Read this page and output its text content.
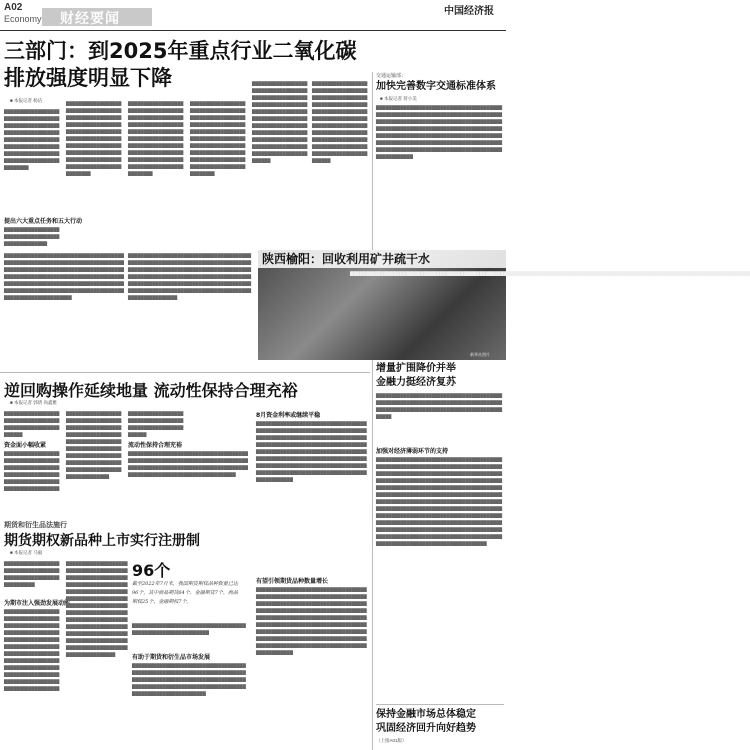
A02
Economy 财经要闻	中国经济报
三部门：到2025年重点行业二氧化碳
排放强度明显下降
■ 本报记者 杨洁
████████████████████████████████████████████████████████████████████████████████████████████████████████████████████████████████████████████████████████
提出六大重点任务和五大行动
██████████████████████████████████████████████████
████████████████████████████████████████████████████████████████████████████████████████████████████████████████████████████████████████████████████████████████████████████████████████████
████████████████████████████████████████████████████████████████████████████████████████████████████████████████████████████████████████████████████████████████████████████████████████████
████████████████████████████████████████████████████████████████████████████████████████████████████████████████████████████████████████████████████████████████████████████████████████████
████████████████████████████████████████████████████████████████████████████████████████████████████████████████████████████████████████████████████████████████████████████████████████████████████████████
████████████████████████████████████████████████████████████████████████████████████████████████████████████████████████████████████████████████████████████████████████████████████████████████████████████
交通运输部：
加快完善数字交通标准体系
■ 本报记者 蒋小美
███████████████████████████████████████████████████████████████████████████████████████████████████████████████████████████████████████████████████████████████████████████████████████████████████████████████████████████████████████████████████████████████████████████████████████████████████████████
陕西榆阳：回收利用矿井疏干水
██████████████████████████████████████████████████████████████████████████████████████████████████████████████████████████████████
新华社图片
████████████████████████████████████████████████████████████████████████████████████████████████████████████████████████████████████████████████████████████████████████████████████████████████████████████████████████████████████████████████████████████████
████████████████████████████████████████████████████████████████████████████████████████████████████████████████████████████████████████████████████████████████████████████████████████████████████████████████████████████████████████████████████████████████
增量扩围降价并举
金融力挺经济复苏
████████████████████████████████████████████████████████████████████████████████████████████████████████████████████████████████
加强对经济薄弱环节的支持
████████████████████████████████████████████████████████████████████████████████████████████████████████████████████████████████████████████████████████████████████████████████████████████████████████████████████████████████████████████████████████████████████████████████████████████████████████████████████████████████████████████████████████████████████████████████████████████████████████████████████████████████████████████████████████████████████████████████████████████████████████████████████████████████████████████████
逆回购操作延续地量 流动性保持合理充裕
■ 本报记者 郭倩 尚鑫雅
████████████████████████████████████████████████████████████
资金面小幅收紧
████████████████████████████████████████████████████████████████████████████████████████████████████████████
████████████████████████████████████████████████████████████████████████████████████████████████████████████████████████████████████████████████████████████████████████████████
████████████████████████████████████████████████████████████
流动性保持合理充裕
████████████████████████████████████████████████████████████████████████████████████████████████████████████████████████████████████████████████████████
8月资金利率或继续平稳
████████████████████████████████████████████████████████████████████████████████████████████████████████████████████████████████████████████████████████████████████████████████████████████████████████████████████████████████████████████████████████████████████████████████████████████████████████████
期货和衍生品法施行
期货期权新品种上市实行注册制
■ 本报记者 马毅
████████████████████████████████████████████████████████████████
为期市注入强劲发展动能
████████████████████████████████████████████████████████████████████████████████████████████████████████████████████████████████████████████████████████████████████████████████████████████████████████████████████████
████████████████████████████████████████████████████████████████████████████████████████████████████████████████████████████████████████████████████████████████████████████████████████████████████████████████████████████████████████████████████████████████████████████████████
96个
截至2022年7月末，我国期货期权品种数量已达96个，其中商品期货64个、金融期货7个、商品期权25个、金融期权7个。
██████████████████████████████████████████████████████████████
有助于期货和衍生品市场发展
████████████████████████████████████████████████████████████████████████████████████████████████████████████████████████████████████████████████████████████████████████████
有望引领期货品种数量增长
████████████████████████████████████████████████████████████████████████████████████████████████████████████████████████████████████████████████████████████████████████████████████████████████████████████████████████████████████████████████████████████████████████████████████████████████████████████████████████████████████████████████
保持金融市场总体稳定
巩固经济回升向好趋势
（上接A01版）
